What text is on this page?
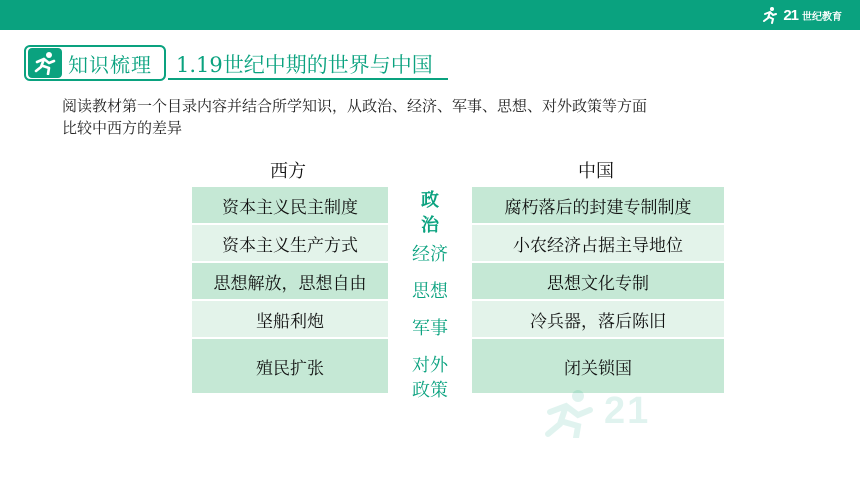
21 世纪教育
知识梳理 1.19世纪中期的世界与中国
阅读教材第一个目录内容并结合所学知识，从政治、经济、军事、思想、对外政策等方面
比较中西方的差异
西方	中国
资本主义民主制度
资本主义生产方式
思想解放，思想自由
坚船利炮
殖民扩张
政治
经济
思想
军事
对外政策
腐朽落后的封建专制制度
小农经济占据主导地位
思想文化专制
冷兵器，落后陈旧
闭关锁国
21
